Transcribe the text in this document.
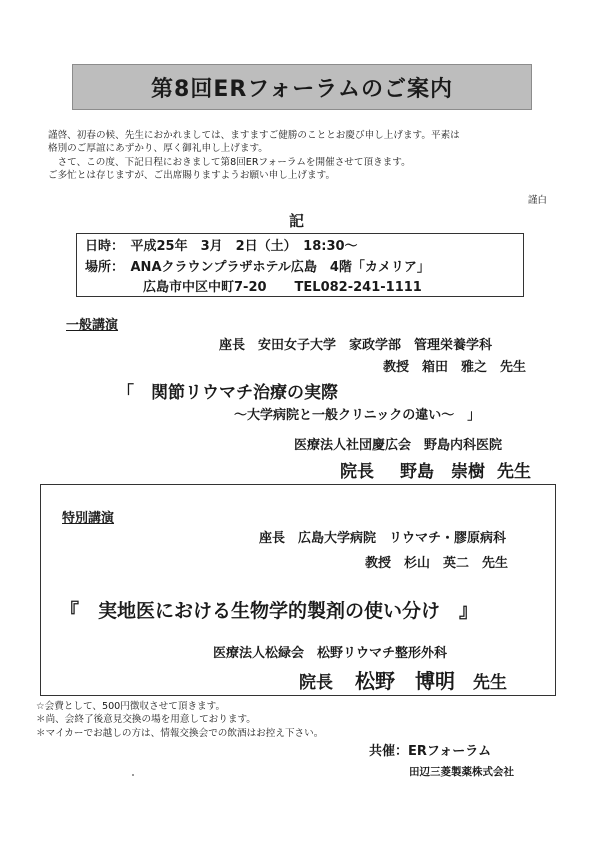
第8回ERフォーラムのご案内

謹啓、初春の候、先生におかれましては、ますますご健勝のこととお慶び申し上げます。平素は

格別のご厚誼にあずかり、厚く御礼申し上げます。

　さて、この度、下記日程におきまして第8回ERフォーラムを開催させて頂きます。

ご多忙とは存じますが、ご出席賜りますようお願い申し上げます。

謹白
記
日時：　平成25年　3月　2日（土）　18:30～
場所：　ANAクラウンプラザホテル広島　4階「カメリア」
広島市中区中町7-20 TEL082-241-1111
一般講演
座長　安田女子大学　家政学部　管理栄養学科
教授　箱田　雅之　先生
「　関節リウマチ治療の実際
～大学病院と一般クリニックの違い～　」
医療法人社団慶広会　野島内科医院
院長 野島　崇樹 先生
特別講演
座長　広島大学病院　リウマチ・膠原病科
教授　杉山　英二　先生
『　実地医における生物学的製剤の使い分け　』
医療法人松緑会　松野リウマチ整形外科
院長 松野　博明 先生

☆会費として、500円徴収させて頂きます。

＊尚、会終了後意見交換の場を用意しております。

＊マイカーでお越しの方は、情報交換会での飲酒はお控え下さい。

共催：ERフォーラム
田辺三菱製薬株式会社
